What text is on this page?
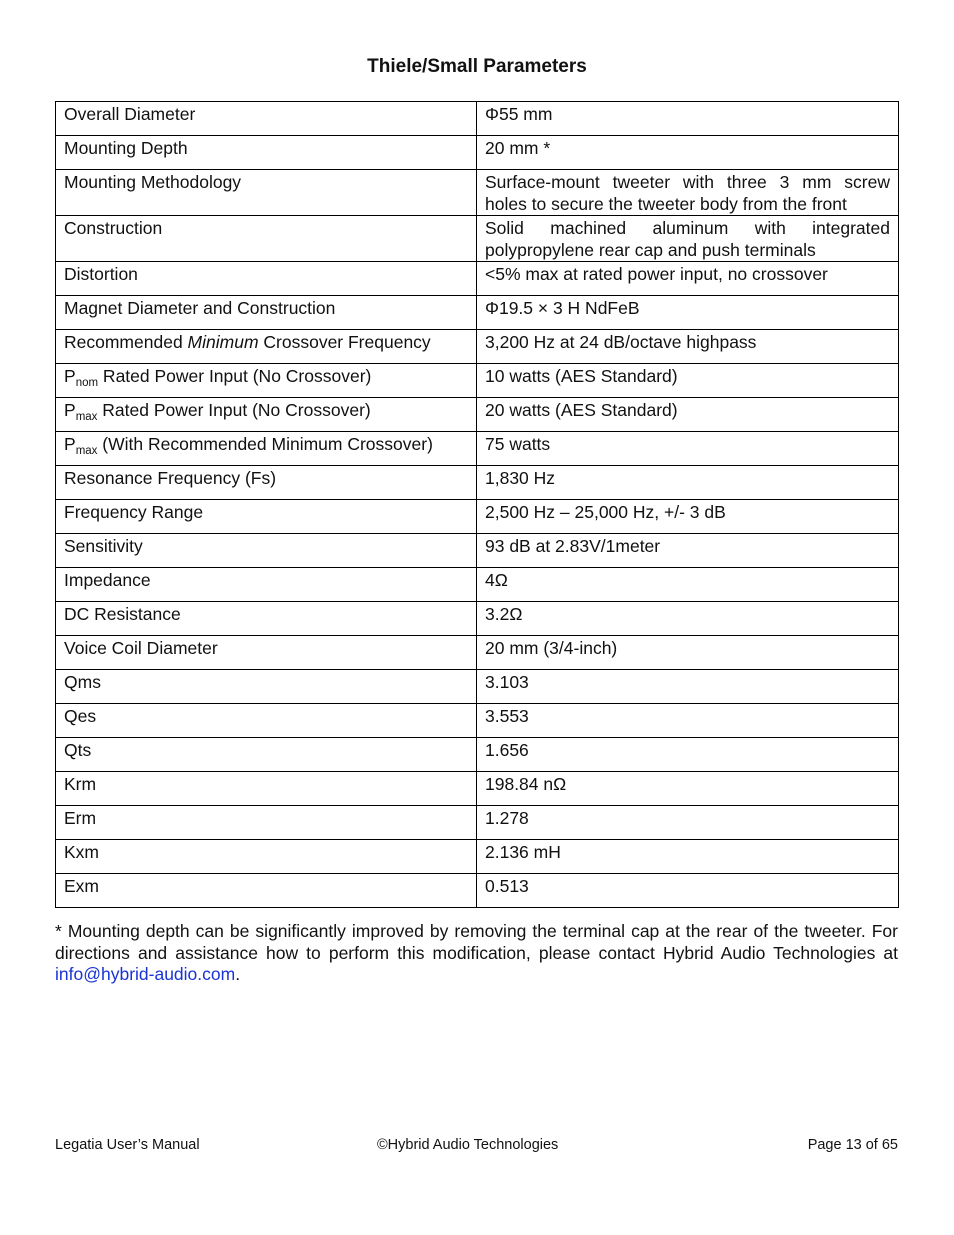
Thiele/Small Parameters
Overall Diameter	Φ55 mm
Mounting Depth	20 mm *
Mounting Methodology	Surface-mount tweeter with three 3 mm screw
holes to secure the tweeter body from the front

Construction	Solid machined aluminum with integrated
polypropylene rear cap and push terminals

Distortion	<5% max at rated power input, no crossover
Magnet Diameter and Construction	Φ19.5 × 3 H NdFeB
Recommended Minimum Crossover Frequency	3,200 Hz at 24 dB/octave highpass
$P_{nom}$ Rated Power Input (No Crossover)	10 watts (AES Standard)
$P_{max}$ Rated Power Input (No Crossover)	20 watts (AES Standard)
$P_{max}$ (With Recommended Minimum Crossover)	75 watts
Resonance Frequency (Fs)	1,830 Hz
Frequency Range	2,500 Hz – 25,000 Hz, +/- 3 dB
Sensitivity	93 dB at 2.83V/1meter
Impedance	4Ω
DC Resistance	3.2Ω
Voice Coil Diameter	20 mm (3/4-inch)
Qms	3.103
Qes	3.553
Qts	1.656
Krm	198.84 nΩ
Erm	1.278
Kxm	2.136 mH
Exm	0.513
* Mounting depth can be significantly improved by removing the terminal cap at the rear of the tweeter. For directions and assistance how to perform this modification, please contact Hybrid Audio Technologies at info@hybrid-audio.com.
Legatia User’s Manual	©Hybrid Audio Technologies	Page 13 of 65
